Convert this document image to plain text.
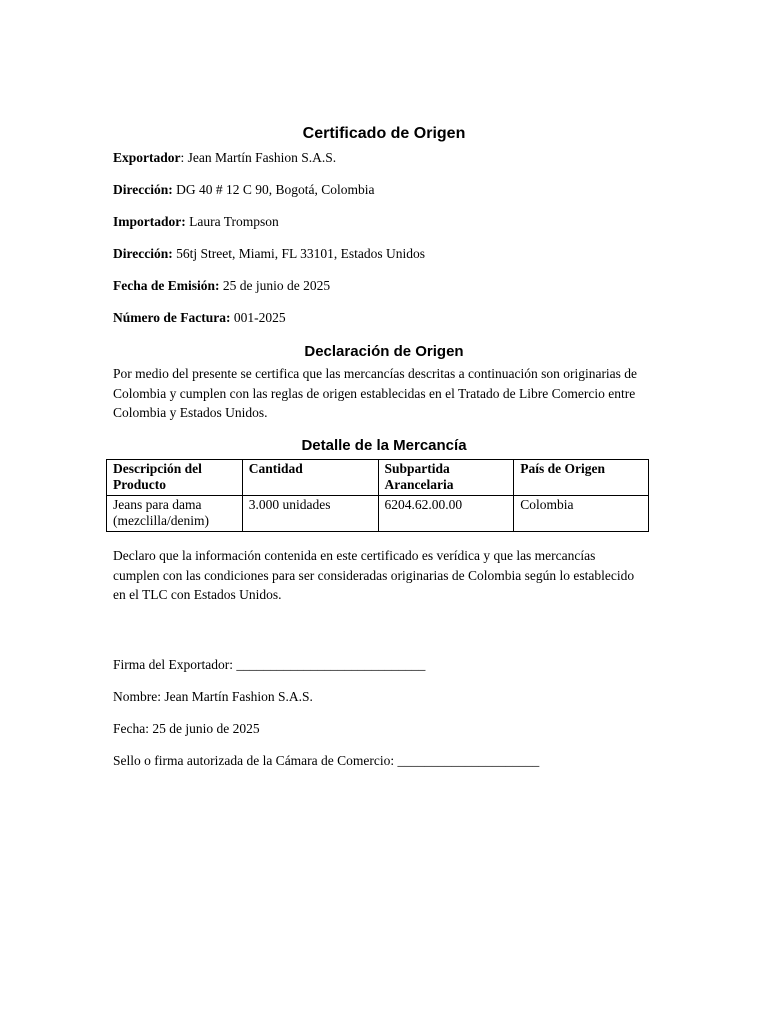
Certificado de Origen

Exportador: Jean Martín Fashion S.A.S.

Dirección: DG 40 # 12 C 90, Bogotá, Colombia

Importador: Laura Trompson

Dirección: 56tj Street, Miami, FL 33101, Estados Unidos

Fecha de Emisión: 25 de junio de 2025

Número de Factura: 001-2025

Declaración de Origen

Por medio del presente se certifica que las mercancías descritas a continuación son originarias de Colombia y cumplen con las reglas de origen establecidas en el Tratado de Libre Comercio entre Colombia y Estados Unidos.

Detalle de la Mercancía
Descripción del Producto	Cantidad	Subpartida Arancelaria	País de Origen
Jeans para dama (mezclilla/denim)	3.000 unidades	6204.62.00.00	Colombia

Declaro que la información contenida en este certificado es verídica y que las mercancías cumplen con las condiciones para ser consideradas originarias de Colombia según lo establecido en el TLC con Estados Unidos.

Firma del Exportador: ____________________________

Nombre: Jean Martín Fashion S.A.S.

Fecha: 25 de junio de 2025

Sello o firma autorizada de la Cámara de Comercio: _____________________
